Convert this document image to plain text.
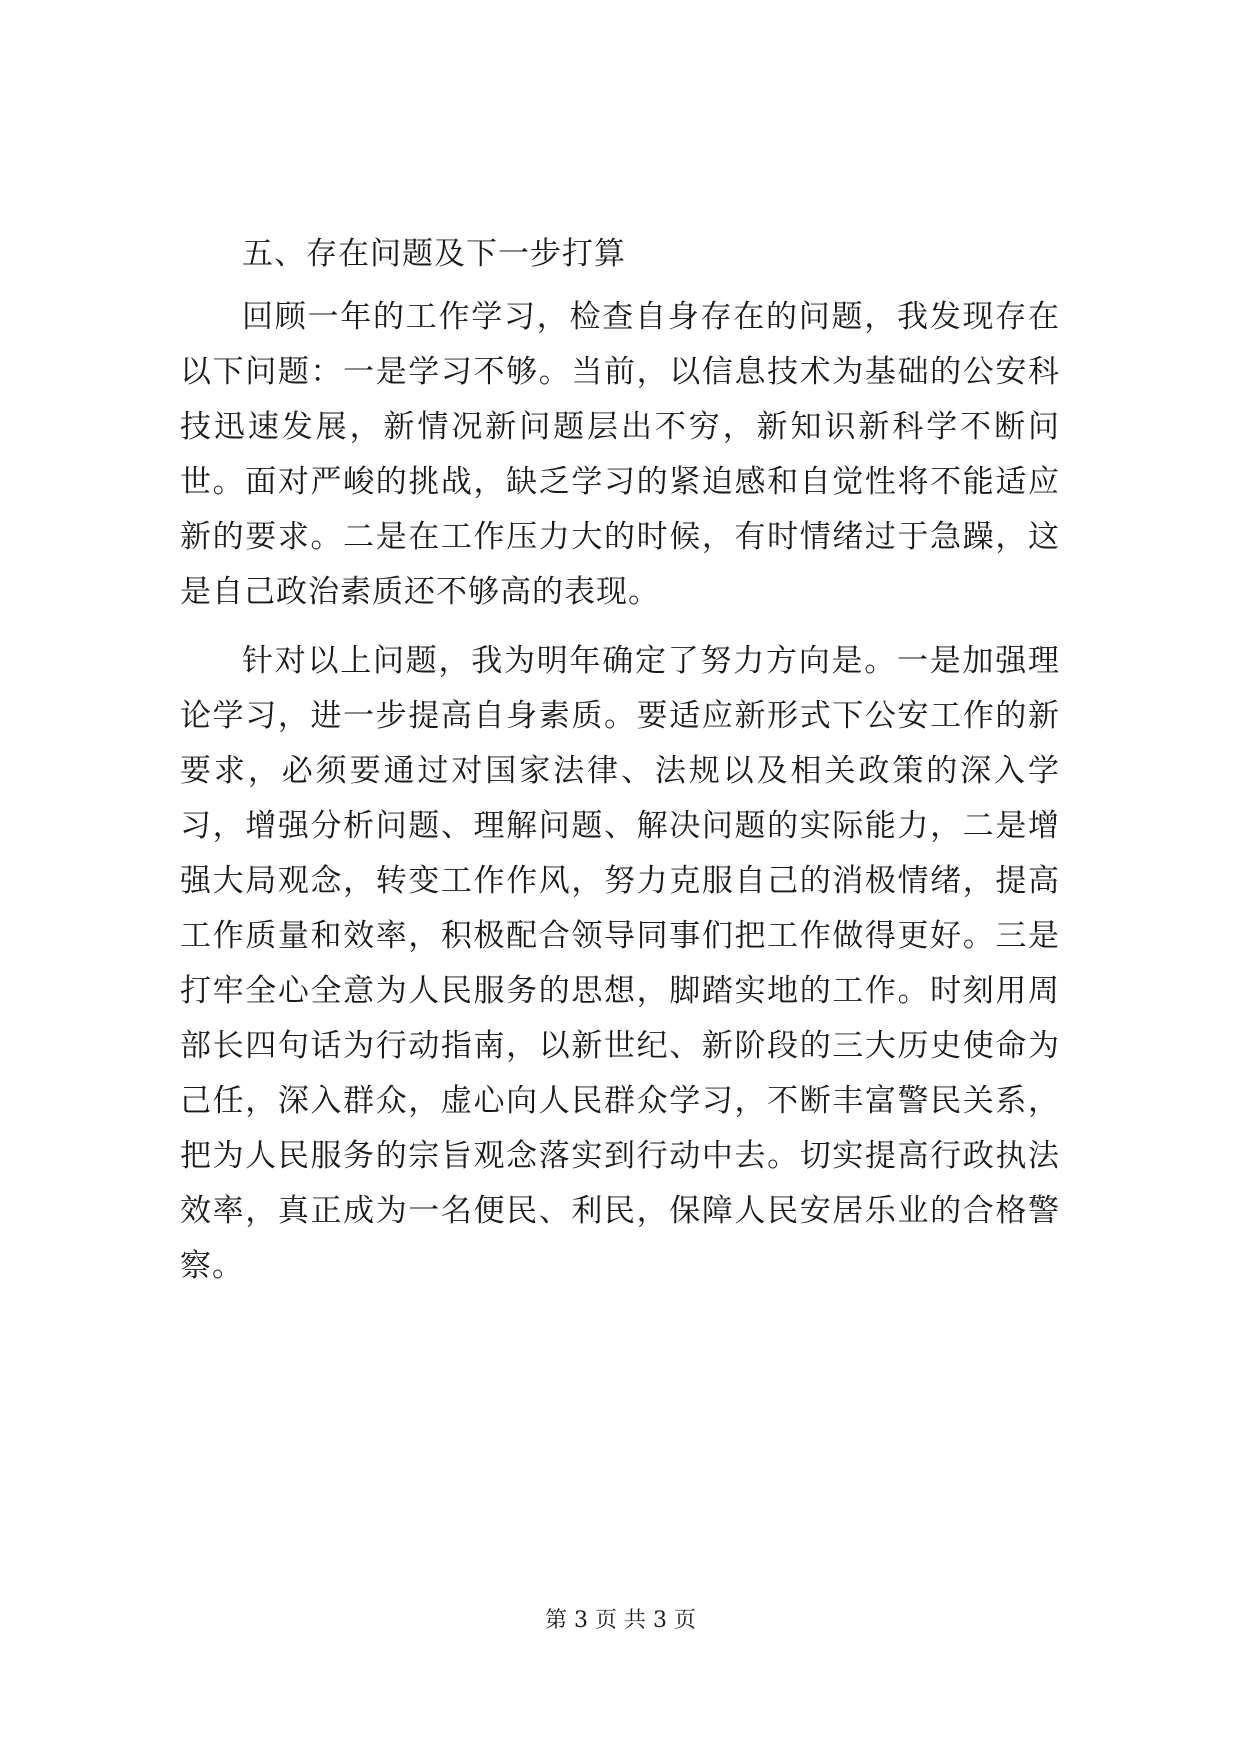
五、存在问题及下一步打算

回顾一年的工作学习，检查自身存在的问题，我发现存在以下问题：一是学习不够。当前，以信息技术为基础的公安科技迅速发展，新情况新问题层出不穷，新知识新科学不断问世。面对严峻的挑战，缺乏学习的紧迫感和自觉性将不能适应新的要求。二是在工作压力大的时候，有时情绪过于急躁，这是自己政治素质还不够高的表现。

针对以上问题，我为明年确定了努力方向是。一是加强理论学习，进一步提高自身素质。要适应新形式下公安工作的新要求，必须要通过对国家法律、法规以及相关政策的深入学习，增强分析问题、理解问题、解决问题的实际能力，二是增强大局观念，转变工作作风，努力克服自己的消极情绪，提高工作质量和效率，积极配合领导同事们把工作做得更好。三是打牢全心全意为人民服务的思想，脚踏实地的工作。时刻用周部长四句话为行动指南，以新世纪、新阶段的三大历史使命为己任，深入群众，虚心向人民群众学习，不断丰富警民关系，把为人民服务的宗旨观念落实到行动中去。切实提高行政执法效率，真正成为一名便民、利民，保障人民安居乐业的合格警察。

第 3 页 共 3 页
